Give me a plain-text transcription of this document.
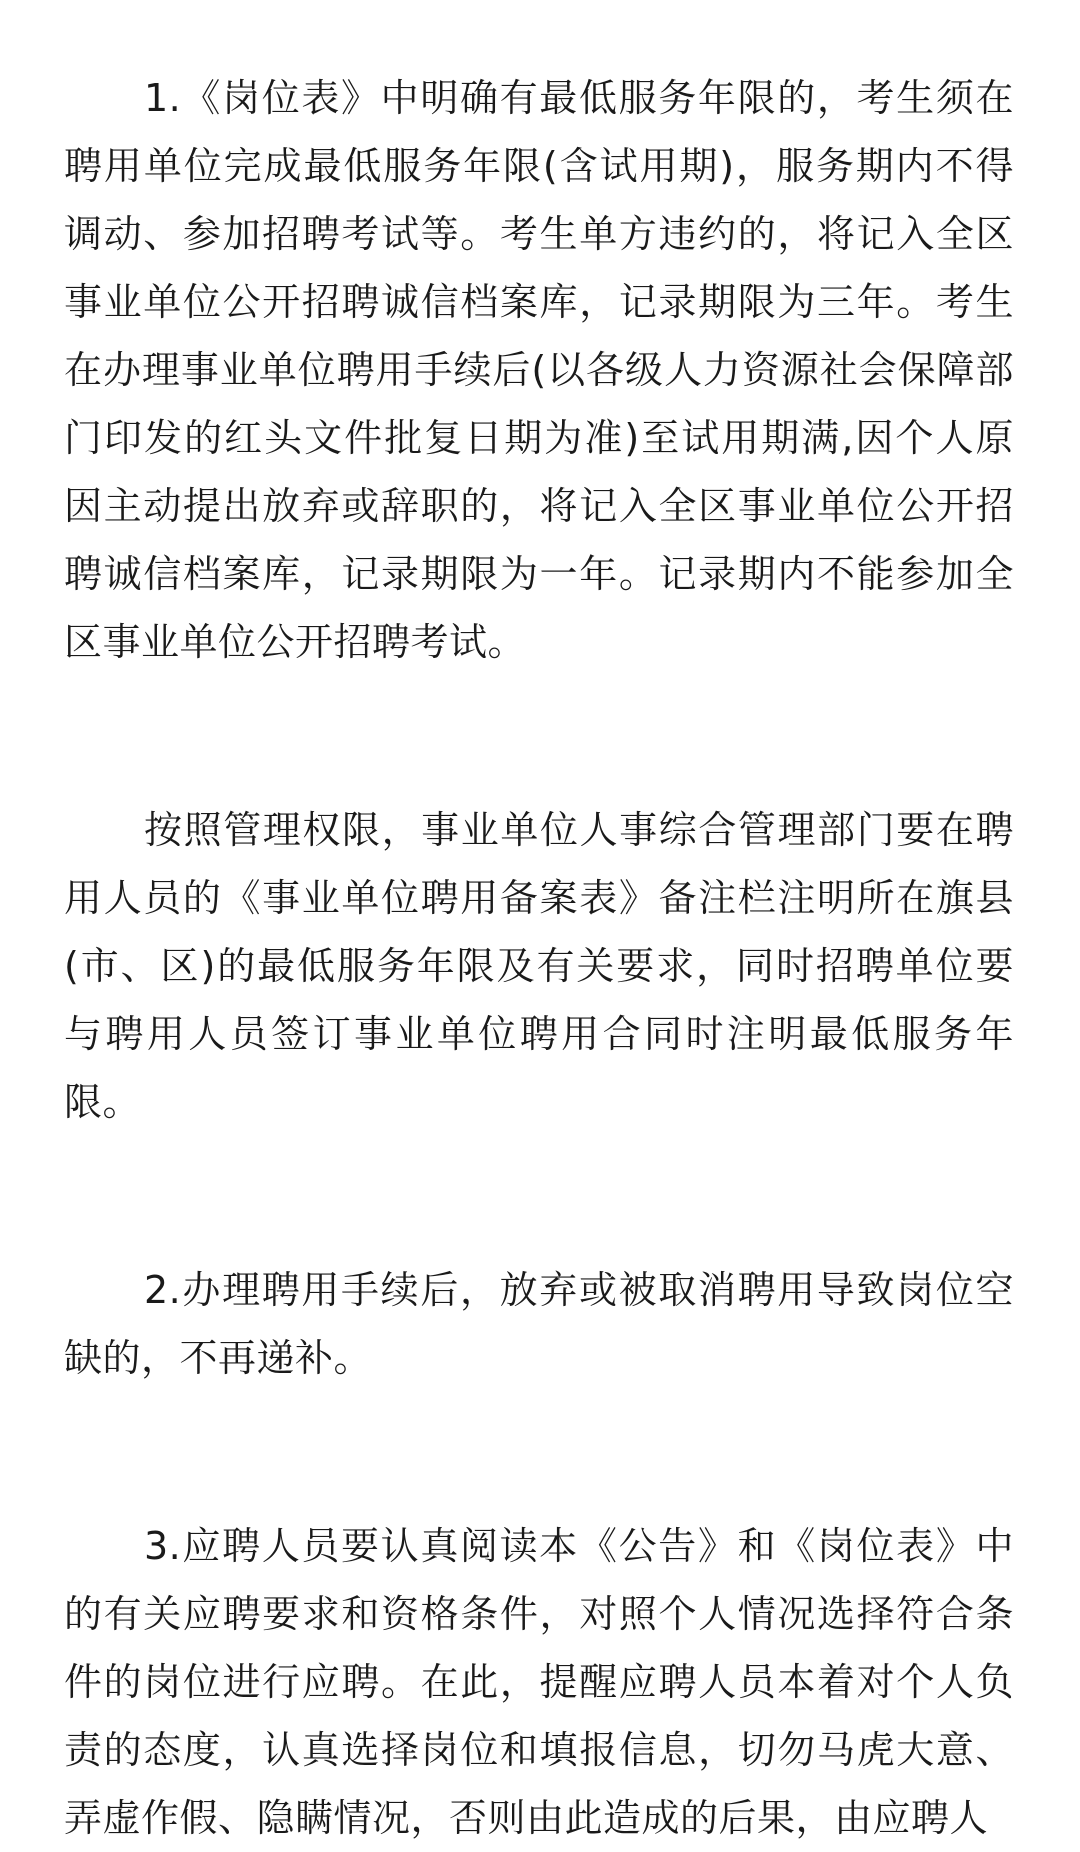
1.《岗位表》中明确有最低服务年限的，考生须在聘用单位完成最低服务年限(含试用期)，服务期内不得调动、参加招聘考试等。考生单方违约的，将记入全区事业单位公开招聘诚信档案库，记录期限为三年。考生在办理事业单位聘用手续后(以各级人力资源社会保障部门印发的红头文件批复日期为准)至试用期满,因个人原因主动提出放弃或辞职的，将记入全区事业单位公开招聘诚信档案库，记录期限为一年。记录期内不能参加全区事业单位公开招聘考试。

按照管理权限，事业单位人事综合管理部门要在聘用人员的《事业单位聘用备案表》备注栏注明所在旗县(市、区)的最低服务年限及有关要求，同时招聘单位要与聘用人员签订事业单位聘用合同时注明最低服务年限。

2.办理聘用手续后，放弃或被取消聘用导致岗位空缺的，不再递补。

3.应聘人员要认真阅读本《公告》和《岗位表》中的有关应聘要求和资格条件，对照个人情况选择符合条件的岗位进行应聘。在此，提醒应聘人员本着对个人负责的态度，认真选择岗位和填报信息，切勿马虎大意、弄虚作假、隐瞒情况，否则由此造成的后果，由应聘人
